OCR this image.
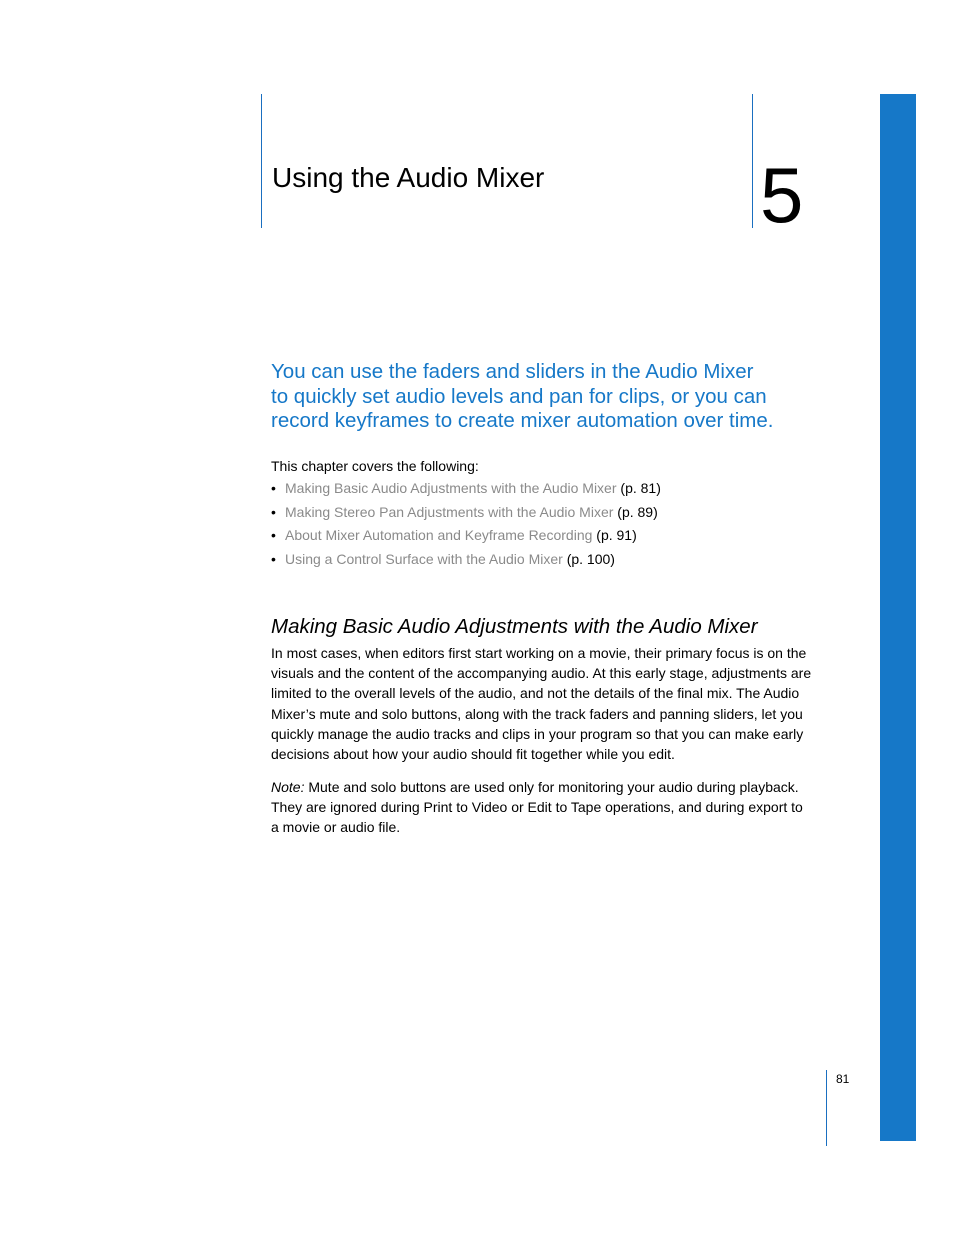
Using the Audio Mixer	5

You can use the faders and sliders in the Audio Mixer
to quickly set audio levels and pan for clips, or you can
record keyframes to create mixer automation over time.

This chapter covers the following:

• Making Basic Audio Adjustments with the Audio Mixer (p. 81)
• Making Stereo Pan Adjustments with the Audio Mixer (p. 89)
• About Mixer Automation and Keyframe Recording (p. 91)
• Using a Control Surface with the Audio Mixer (p. 100)
Making Basic Audio Adjustments with the Audio Mixer

In most cases, when editors first start working on a movie, their primary focus is on the
visuals and the content of the accompanying audio. At this early stage, adjustments are
limited to the overall levels of the audio, and not the details of the final mix. The Audio
Mixer’s mute and solo buttons, along with the track faders and panning sliders, let you
quickly manage the audio tracks and clips in your program so that you can make early
decisions about how your audio should fit together while you edit.

Note: Mute and solo buttons are used only for monitoring your audio during playback.
They are ignored during Print to Video or Edit to Tape operations, and during export to
a movie or audio file.

81
